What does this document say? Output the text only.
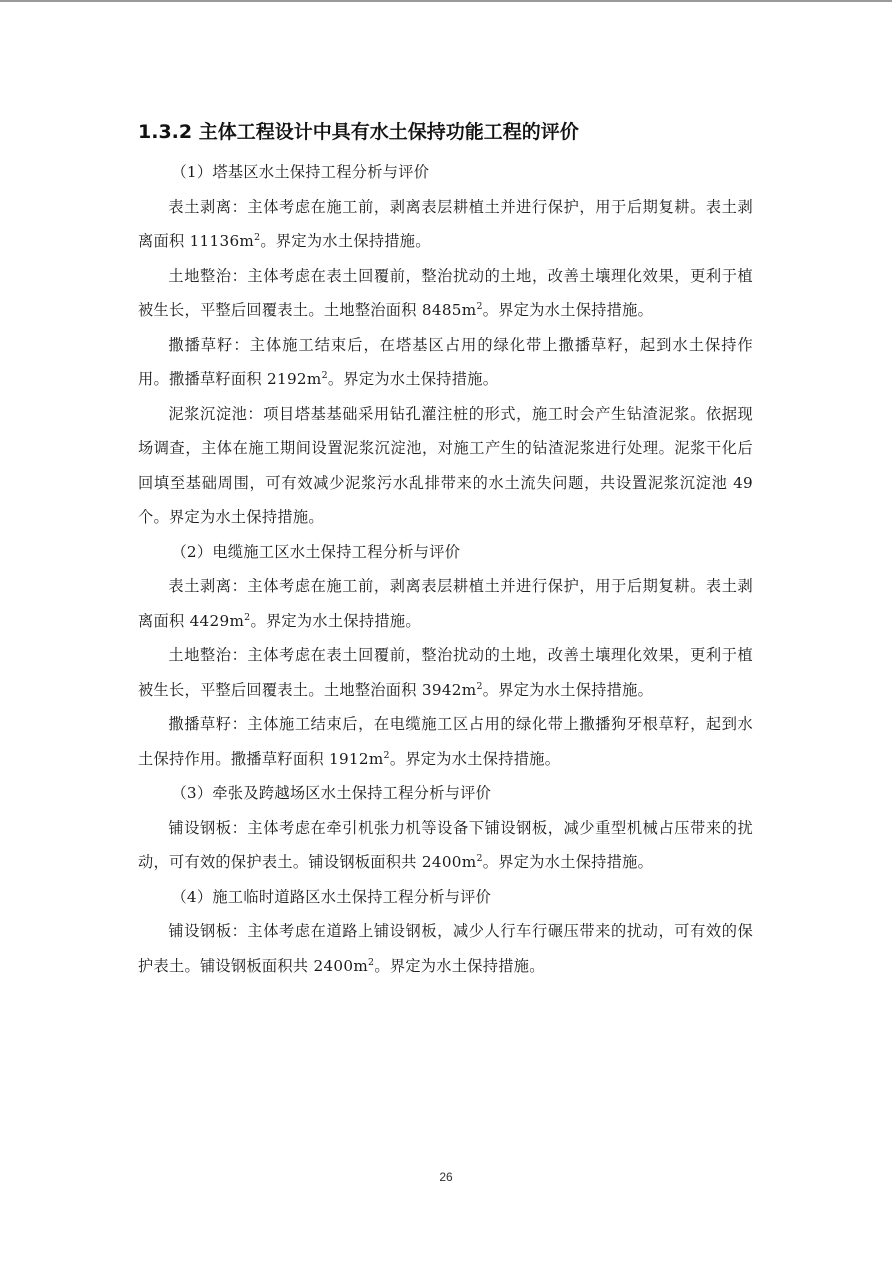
1.3.2 主体工程设计中具有水土保持功能工程的评价

（1）塔基区水土保持工程分析与评价

表土剥离：主体考虑在施工前，剥离表层耕植土并进行保护，用于后期复耕。表土剥离面积 $11136m^2$。界定为水土保持措施。

土地整治：主体考虑在表土回覆前，整治扰动的土地，改善土壤理化效果，更利于植被生长，平整后回覆表土。土地整治面积 $8485m^2$。界定为水土保持措施。

撒播草籽：主体施工结束后，在塔基区占用的绿化带上撒播草籽，起到水土保持作用。撒播草籽面积 $2192m^2$。界定为水土保持措施。

泥浆沉淀池：项目塔基基础采用钻孔灌注桩的形式，施工时会产生钻渣泥浆。依据现场调查，主体在施工期间设置泥浆沉淀池，对施工产生的钻渣泥浆进行处理。泥浆干化后回填至基础周围，可有效减少泥浆污水乱排带来的水土流失问题，共设置泥浆沉淀池 49 个。界定为水土保持措施。

（2）电缆施工区水土保持工程分析与评价

表土剥离：主体考虑在施工前，剥离表层耕植土并进行保护，用于后期复耕。表土剥离面积 $4429m^2$。界定为水土保持措施。

土地整治：主体考虑在表土回覆前，整治扰动的土地，改善土壤理化效果，更利于植被生长，平整后回覆表土。土地整治面积 $3942m^2$。界定为水土保持措施。

撒播草籽：主体施工结束后，在电缆施工区占用的绿化带上撒播狗牙根草籽，起到水土保持作用。撒播草籽面积 $1912m^2$。界定为水土保持措施。

（3）牵张及跨越场区水土保持工程分析与评价

铺设钢板：主体考虑在牵引机张力机等设备下铺设钢板，减少重型机械占压带来的扰动，可有效的保护表土。铺设钢板面积共 $2400m^2$。界定为水土保持措施。

（4）施工临时道路区水土保持工程分析与评价

铺设钢板：主体考虑在道路上铺设钢板，减少人行车行碾压带来的扰动，可有效的保护表土。铺设钢板面积共 $2400m^2$。界定为水土保持措施。

26
